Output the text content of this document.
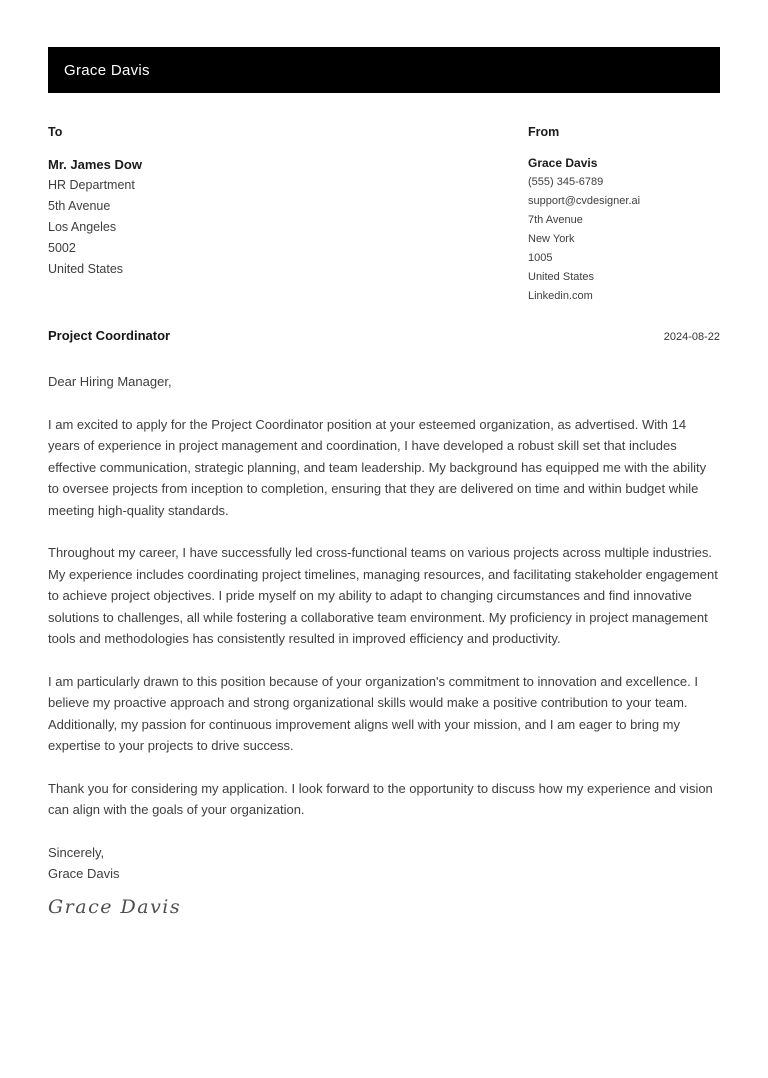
Grace Davis
To
Mr. James Dow
HR Department
5th Avenue
Los Angeles
5002
United States
From
Grace Davis
(555) 345-6789
support@cvdesigner.ai
7th Avenue
New York
1005
United States
Linkedin.com
Project Coordinator	2024-08-22

Dear Hiring Manager,

I am excited to apply for the Project Coordinator position at your esteemed organization, as advertised. With 14 years of experience in project management and coordination, I have developed a robust skill set that includes effective communication, strategic planning, and team leadership. My background has equipped me with the ability to oversee projects from inception to completion, ensuring that they are delivered on time and within budget while meeting high-quality standards.

Throughout my career, I have successfully led cross-functional teams on various projects across multiple industries. My experience includes coordinating project timelines, managing resources, and facilitating stakeholder engagement to achieve project objectives. I pride myself on my ability to adapt to changing circumstances and find innovative solutions to challenges, all while fostering a collaborative team environment. My proficiency in project management tools and methodologies has consistently resulted in improved efficiency and productivity.

I am particularly drawn to this position because of your organization's commitment to innovation and excellence. I believe my proactive approach and strong organizational skills would make a positive contribution to your team. Additionally, my passion for continuous improvement aligns well with your mission, and I am eager to bring my expertise to your projects to drive success.

Thank you for considering my application. I look forward to the opportunity to discuss how my experience and vision can align with the goals of your organization.

Sincerely,
Grace Davis
Grace Davis
